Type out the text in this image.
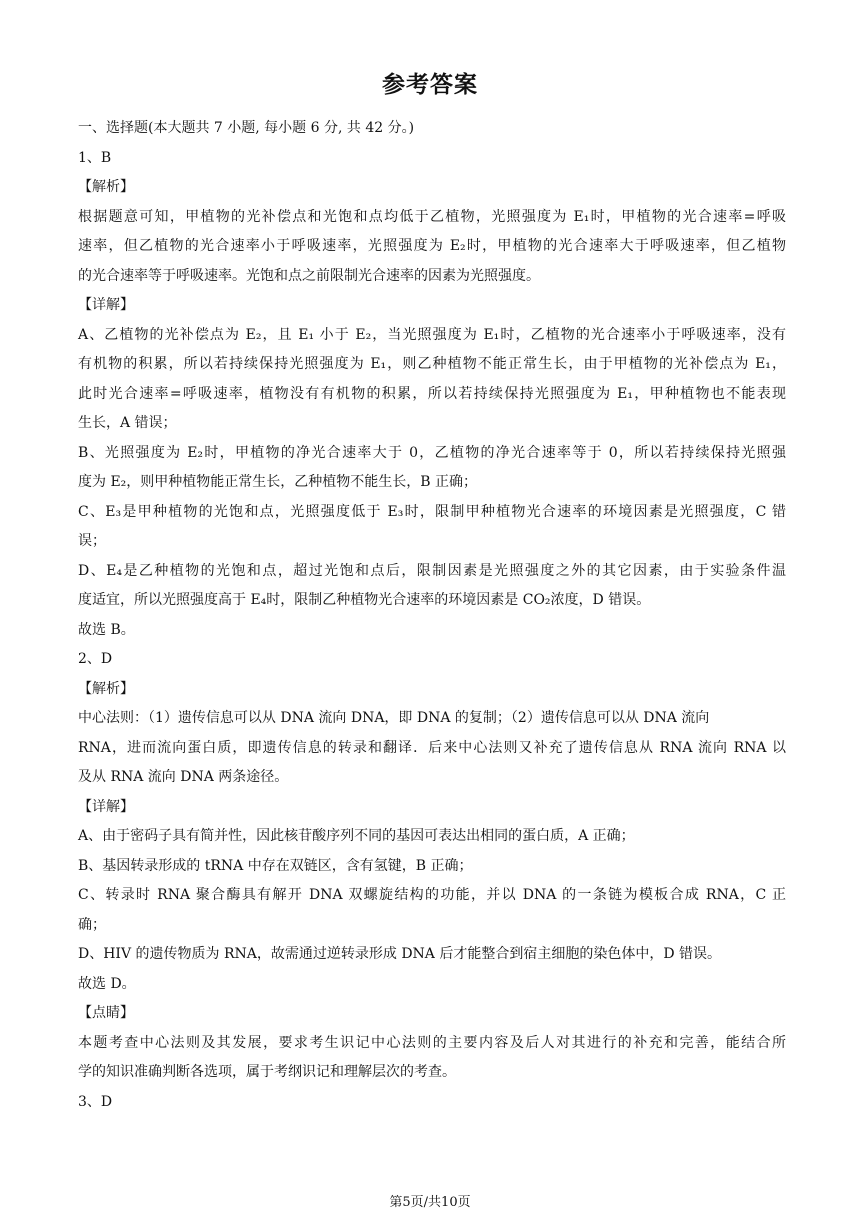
参考答案
一、选择题(本大题共 7 小题, 每小题 6 分, 共 42 分。)
1、B
【解析】
根据题意可知，甲植物的光补偿点和光饱和点均低于乙植物，光照强度为 E₁时，甲植物的光合速率=呼吸
速率，但乙植物的光合速率小于呼吸速率，光照强度为 E₂时，甲植物的光合速率大于呼吸速率，但乙植物
的光合速率等于呼吸速率。光饱和点之前限制光合速率的因素为光照强度。
【详解】
A、乙植物的光补偿点为 E₂，且 E₁ 小于 E₂，当光照强度为 E₁时，乙植物的光合速率小于呼吸速率，没有
有机物的积累，所以若持续保持光照强度为 E₁，则乙种植物不能正常生长，由于甲植物的光补偿点为 E₁，
此时光合速率=呼吸速率，植物没有有机物的积累，所以若持续保持光照强度为 E₁，甲种植物也不能表现
生长，A 错误；
B、光照强度为 E₂时，甲植物的净光合速率大于 0，乙植物的净光合速率等于 0，所以若持续保持光照强
度为 E₂，则甲种植物能正常生长，乙种植物不能生长，B 正确；
C、E₃是甲种植物的光饱和点，光照强度低于 E₃时，限制甲种植物光合速率的环境因素是光照强度，C 错
误；
D、E₄是乙种植物的光饱和点，超过光饱和点后，限制因素是光照强度之外的其它因素，由于实验条件温
度适宜，所以光照强度高于 E₄时，限制乙种植物光合速率的环境因素是 CO₂浓度，D 错误。
故选 B。
2、D
【解析】
中心法则：（1）遗传信息可以从 DNA 流向 DNA，即 DNA 的复制；（2）遗传信息可以从 DNA 流向
RNA，进而流向蛋白质，即遗传信息的转录和翻译．后来中心法则又补充了遗传信息从 RNA 流向 RNA 以
及从 RNA 流向 DNA 两条途径。
【详解】
A、由于密码子具有简并性，因此核苷酸序列不同的基因可表达出相同的蛋白质，A 正确；
B、基因转录形成的 tRNA 中存在双链区，含有氢键，B 正确；
C、转录时 RNA 聚合酶具有解开 DNA 双螺旋结构的功能，并以 DNA 的一条链为模板合成 RNA，C 正
确；
D、HIV 的遗传物质为 RNA，故需通过逆转录形成 DNA 后才能整合到宿主细胞的染色体中，D 错误。
故选 D。
【点睛】
本题考查中心法则及其发展，要求考生识记中心法则的主要内容及后人对其进行的补充和完善，能结合所
学的知识准确判断各选项，属于考纲识记和理解层次的考查。
3、D
第5页/共10页
